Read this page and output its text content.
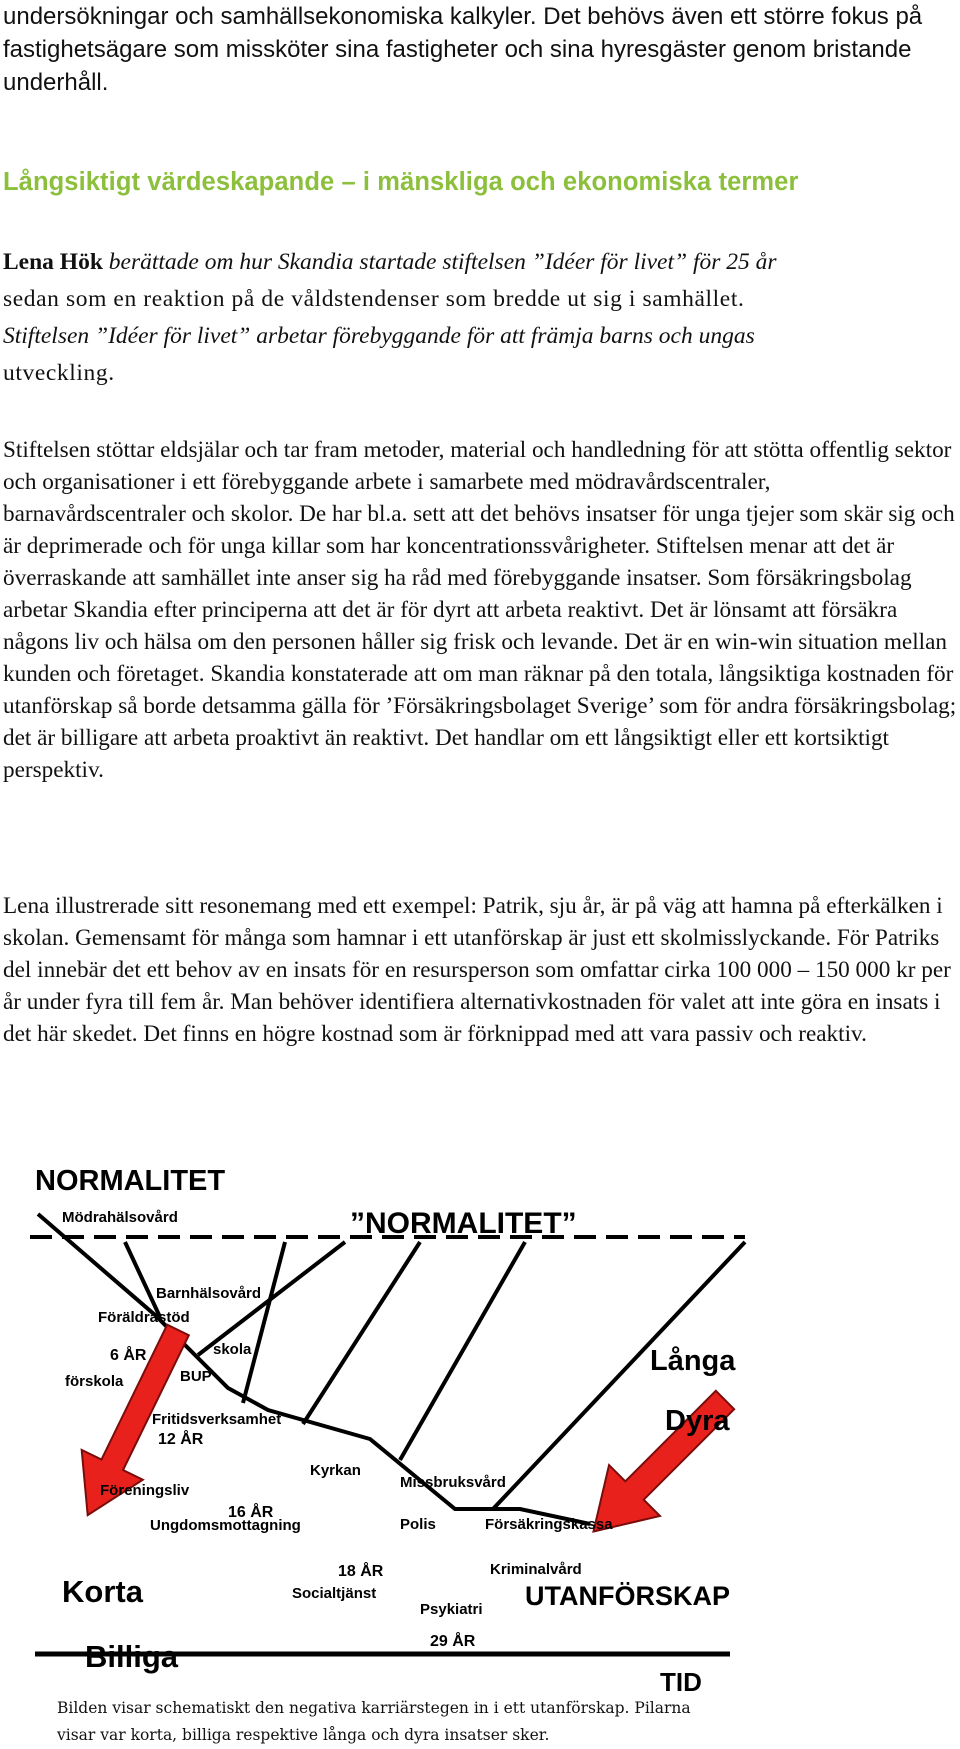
undersökningar och samhällsekonomiska kalkyler. Det behövs även ett större fokus på fastighetsägare som missköter sina fastigheter och sina hyresgäster genom bristande underhåll.

Långsiktigt värdeskapande – i mänskliga och ekonomiska termer

Lena Hök berättade om hur Skandia startade stiftelsen ”Idéer för livet” för 25 år
sedan som en reaktion på de våldstendenser som bredde ut sig i samhället.
Stiftelsen ”Idéer för livet” arbetar förebyggande för att främja barns och ungas
utveckling.

Stiftelsen stöttar eldsjälar och tar fram metoder, material och handledning för att stötta offentlig sektor och organisationer i ett förebyggande arbete i samarbete med mödravårdscentraler, barnavårdscentraler och skolor. De har bl.a. sett att det behövs insatser för unga tjejer som skär sig och är deprimerade och för unga killar som har koncentrationssvårigheter. Stiftelsen menar att det är överraskande att samhället inte anser sig ha råd med förebyggande insatser. Som försäkringsbolag arbetar Skandia efter principerna att det är för dyrt att arbeta reaktivt. Det är lönsamt att försäkra någons liv och hälsa om den personen håller sig frisk och levande. Det är en win-win situation mellan kunden och företaget. Skandia konstaterade att om man räknar på den totala, långsiktiga kostnaden för utanförskap så borde detsamma gälla för ’Försäkringsbolaget Sverige’ som för andra försäkringsbolag; det är billigare att arbeta proaktivt än reaktivt. Det handlar om ett långsiktigt eller ett kortsiktigt perspektiv.

Lena illustrerade sitt resonemang med ett exempel: Patrik, sju år, är på väg att hamna på efterkälken i skolan. Gemensamt för många som hamnar i ett utanförskap är just ett skolmisslyckande. För Patriks del innebär det ett behov av en insats för en resursperson som omfattar cirka 100 000 – 150 000 kr per år under fyra till fem år. Man behöver identifiera alternativkostnaden för valet att inte göra en insats i det här skedet. Det finns en högre kostnad som är förknippad med att vara passiv och reaktiv.

NORMALITET
”NORMALITET”
Mödrahälsovård
Barnhälsovård
Föräldrastöd
6 ÅR	skola
förskola	BUP
Fritidsverksamhet
12 ÅR
Kyrkan
Missbruksvård
Föreningsliv
16 ÅR
Polis	Försäkringskassa
Ungdomsmottagning
18 ÅR	Kriminalvård
Socialtjänst
Psykiatri UTANFÖRSKAP
29 ÅR
Långa
Dyra
Korta
Billiga
TID

Bilden visar schematiskt den negativa karriärstegen in i ett utanförskap. Pilarna
visar var korta, billiga respektive långa och dyra insatser sker.
